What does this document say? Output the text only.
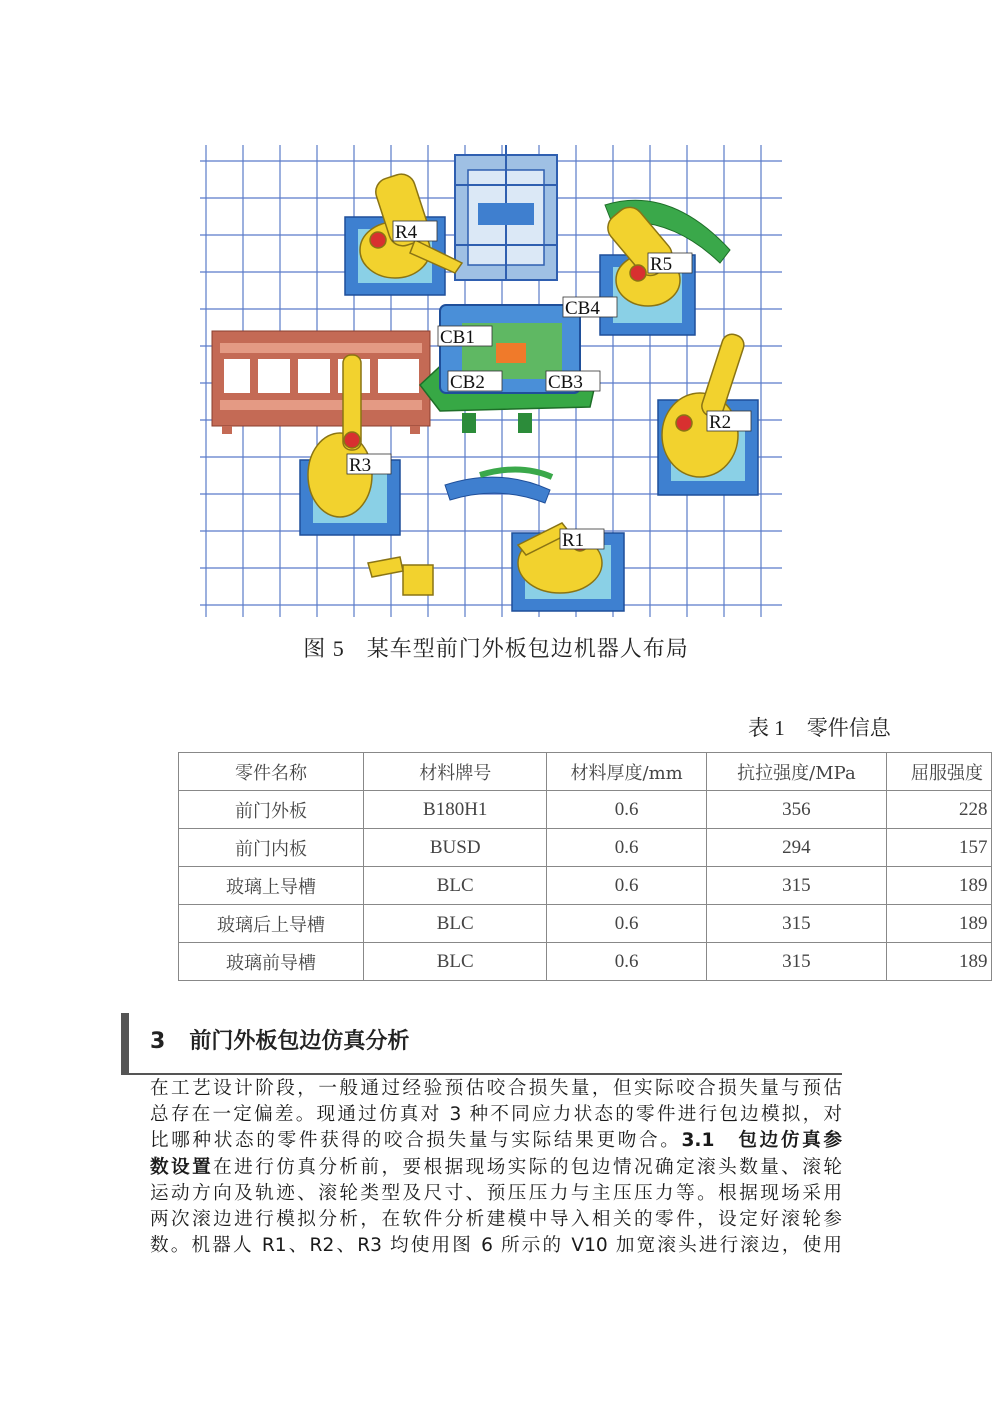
R4
R5
CB4
CB1
CB2	CB3
R2
R3
R1
图 5 某车型前门外板包边机器人布局
表 1 零件信息
零件名称	材料牌号	材料厚度/mm	抗拉强度/MPa	屈服强度
前门外板	B180H1	0.6	356	228
前门内板	BUSD	0.6	294	157
玻璃上导槽	BLC	0.6	315	189
玻璃后上导槽	BLC	0.6	315	189
玻璃前导槽	BLC	0.6	315	189
3 前门外板包边仿真分析
在工艺设计阶段，一般通过经验预估咬合损失量，但实际咬合损失量与预估
总存在一定偏差。现通过仿真对 3 种不同应力状态的零件进行包边模拟，对
比哪种状态的零件获得的咬合损失量与实际结果更吻合。3.1　包边仿真参
数设置在进行仿真分析前，要根据现场实际的包边情况确定滚头数量、滚轮
运动方向及轨迹、滚轮类型及尺寸、预压压力与主压压力等。根据现场采用
两次滚边进行模拟分析，在软件分析建模中导入相关的零件，设定好滚轮参
数。机器人 R1、R2、R3 均使用图 6 所示的 V10 加宽滚头进行滚边，使用
